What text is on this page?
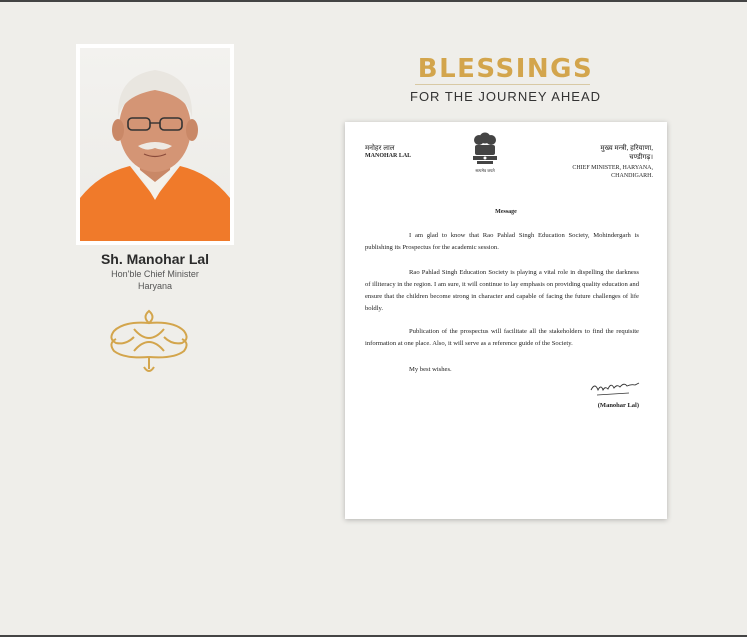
Sh. Manohar Lal
Hon'ble Chief Minister
Haryana
BLESSINGS
FOR THE JOURNEY AHEAD
मनोहर लाल
MANOHAR LAL
सत्यमेव जयते
मुख्य मन्त्री, हरियाणा,
चण्डीगढ़।
CHIEF MINISTER, HARYANA,
CHANDIGARH.
Message

I am glad to know that Rao Pahlad Singh Education Society, Mohindergarh is publishing its Prospectus for the academic session.

Rao Pahlad Singh Education Society is playing a vital role in dispelling the darkness of illiteracy in the region. I am sure, it will continue to lay emphasis on providing quality education and ensure that the children become strong in character and capable of facing the future challenges of life boldly.

Publication of the prospectus will facilitate all the stakeholders to find the requisite information at one place. Also, it will serve as a reference guide of the Society.

My best wishes.

(Manohar Lal)
